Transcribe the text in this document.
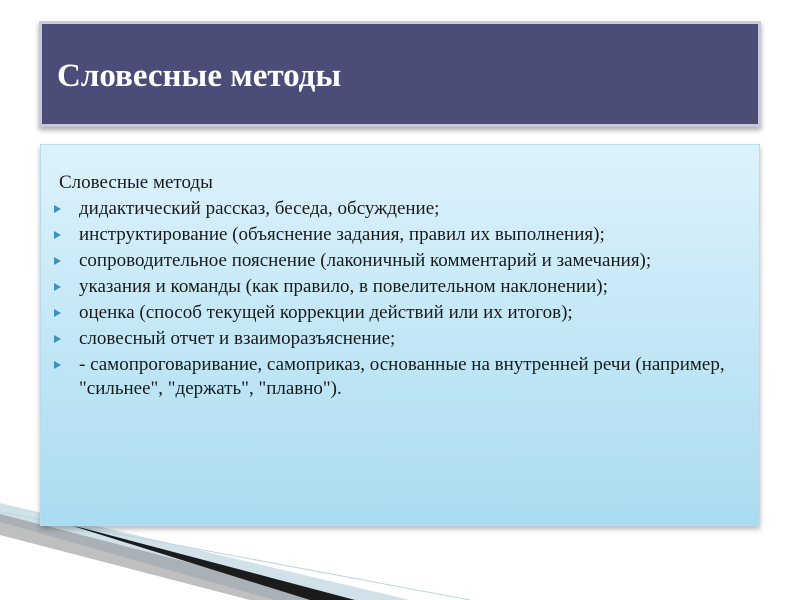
Словесные методы
Словесные методы
дидактический рассказ, беседа, обсуждение;
инструктирование (объяснение задания, правил их выполнения);
сопроводительное пояснение (лаконичный комментарий и замечания);
указания и команды (как правило, в повелительном наклонении);
оценка (способ текущей коррекции действий или их итогов);
словесный отчет и взаиморазъяснение;
- самопроговаривание, самоприказ, основанные на внутренней речи (например, "сильнее", "держать", "плавно").
